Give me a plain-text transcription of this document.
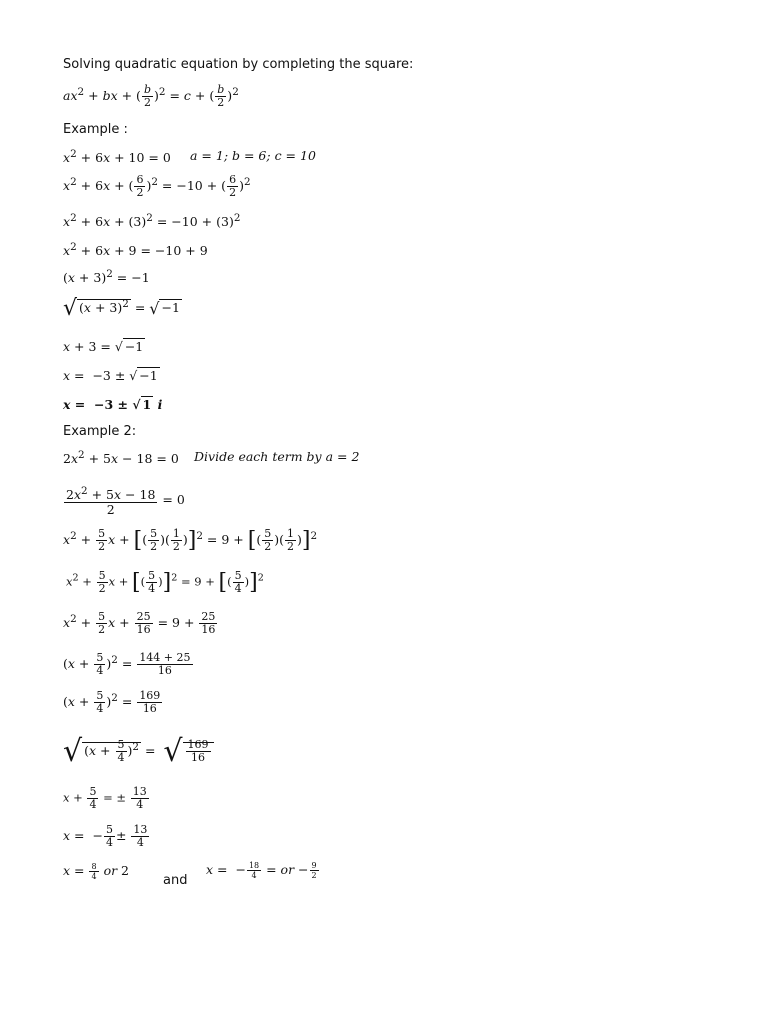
Solving quadratic equation by completing the square:
$ax^2$ + bx + ( $\frac{b}{2} )^2 = c$ + ( $\frac{b}{2} )^2$
Example :
$x^2 + 6x + 10 = 0$ a = 1; b = 6; c = 10
$x^2 + 6x$ + ( $\frac{6}{2} )^2 = -10$ + ( $\frac{6}{2} )^2$
$x^2 + 6x + (3)^2 = -10 + (3)^2$
$x^2 + 6x + 9 = -10 + 9$
$(x + 3)^2 = -1$
√ $(x + 3)^2$ = √ −1
x + 3 = √ −1
x =  −3 ± √ −1
x =  −3 ± √ 1 i
Example 2:
$2x^2 + 5x - 18 = 0$ Divide each term by a = 2
$\frac{2x^2 + 5x - 18}{2} = 0$
$x^2 + \frac{5}{2}$ x + [( $\frac{5}{2}$ )( $\frac{1}{2} )]^2 = 9$ + [( $\frac{5}{2}$ )( $\frac{1}{2} )]^2$
$x^2 + \frac{5}{2}$ x + [( $\frac{5}{4} )]^2 = 9$ + [( $\frac{5}{4} )]^2$
$x^2 + \frac{5}{2}$ $x + \frac{25}{16} = 9 + \frac{25}{16}$
$(x + \frac{5}{4} )^2 = \frac{144 + 25}{16}$
$(x + \frac{5}{4} )^2 = \frac{169}{16}$
√ $(x + \frac{5}{4} )^2$ =  √ $\frac{169}{16}$
$x + \frac{5}{4}$ = ± $\frac{13}{4}$
x =  − $\frac{5}{4} \pm \frac{13}{4}$
$x = \frac{8}{4}$ or 2
and
x =  − $\frac{18}{4}$ = or − $\frac{9}{2}$
